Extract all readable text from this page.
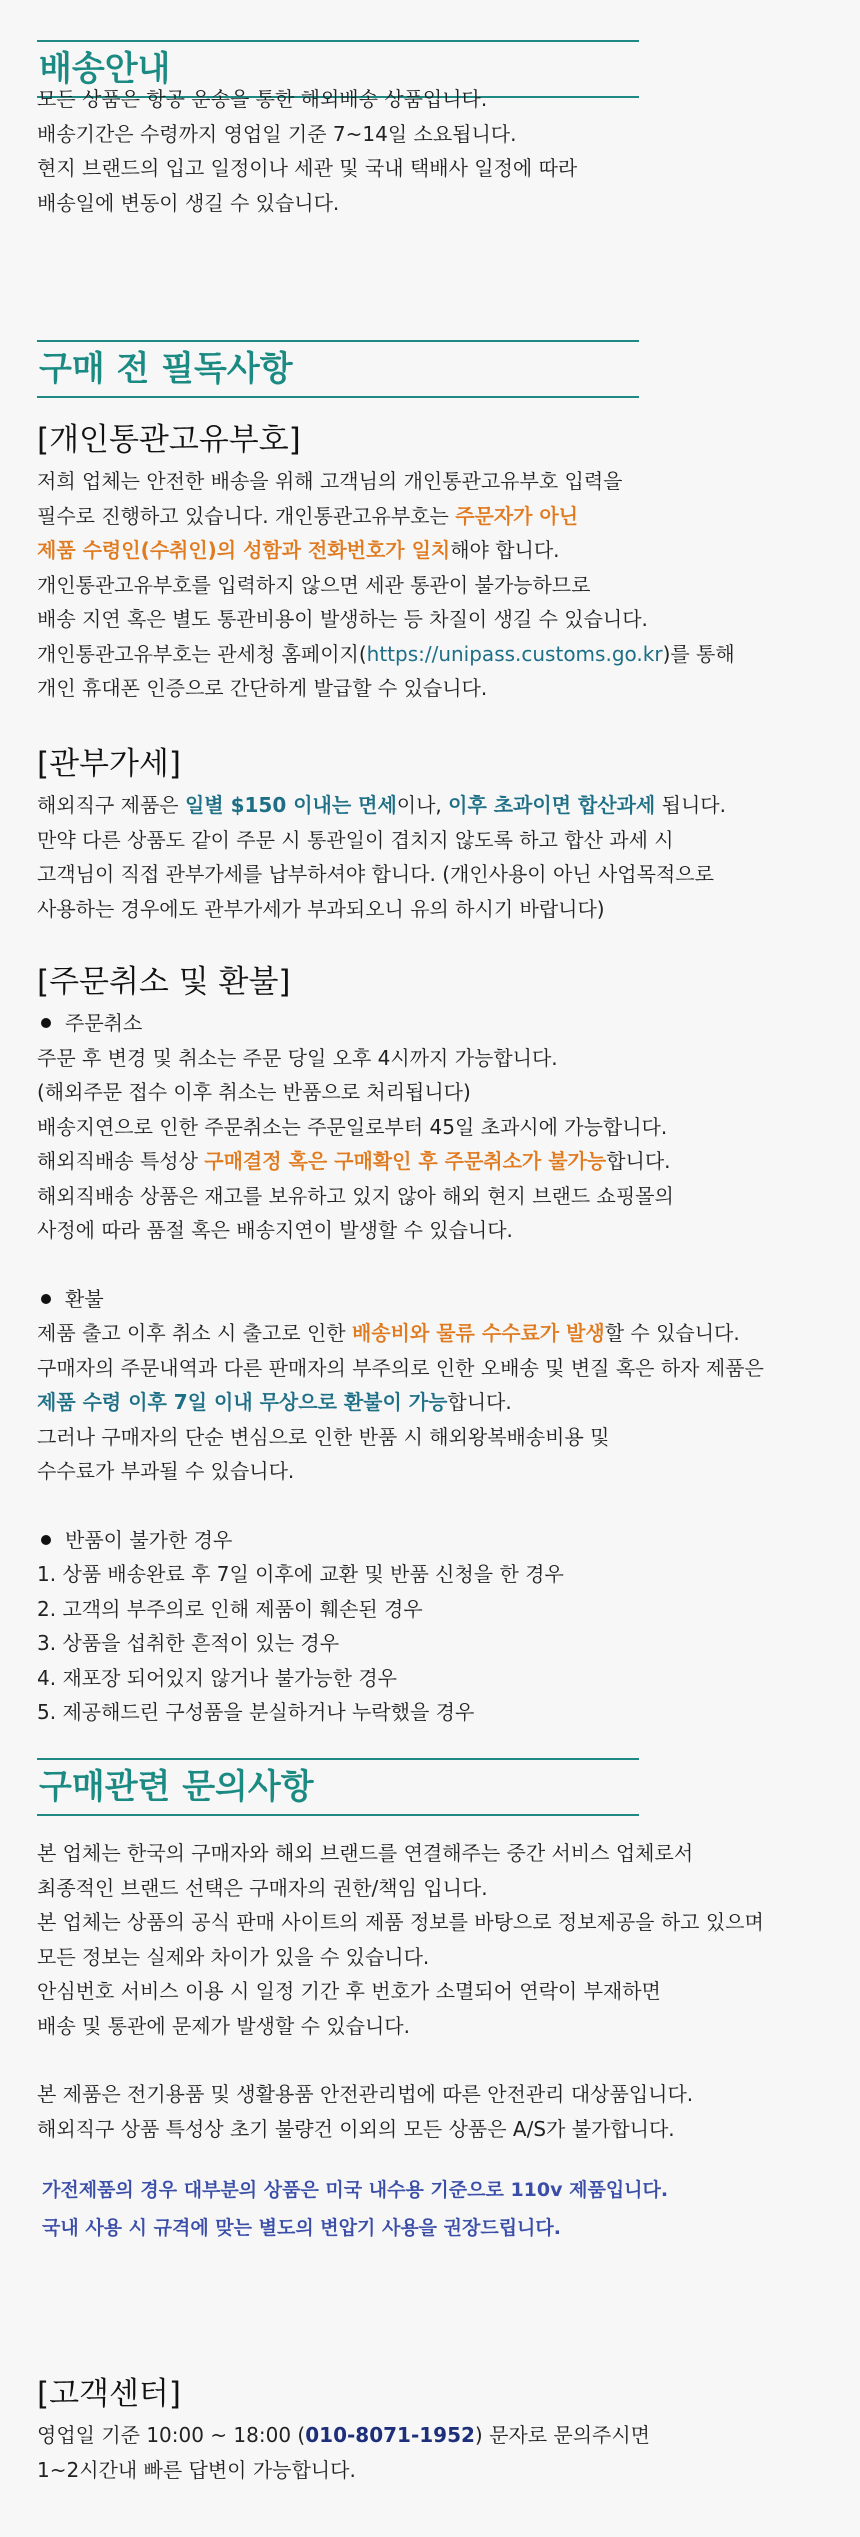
배송안내
모든 상품은 항공 운송을 통한 해외배송 상품입니다.
배송기간은 수령까지 영업일 기준 7~14일 소요됩니다.
현지 브랜드의 입고 일정이나 세관 및 국내 택배사 일정에 따라
배송일에 변동이 생길 수 있습니다.
구매 전 필독사항
[개인통관고유부호]
저희 업체는 안전한 배송을 위해 고객님의 개인통관고유부호 입력을
필수로 진행하고 있습니다. 개인통관고유부호는 주문자가 아닌
제품 수령인(수취인)의 성함과 전화번호가 일치해야 합니다.
개인통관고유부호를 입력하지 않으면 세관 통관이 불가능하므로
배송 지연 혹은 별도 통관비용이 발생하는 등 차질이 생길 수 있습니다.
개인통관고유부호는 관세청 홈페이지(https://unipass.customs.go.kr)를 통해
개인 휴대폰 인증으로 간단하게 발급할 수 있습니다.
[관부가세]
해외직구 제품은 일별 $150 이내는 면세이나, 이후 초과이면 합산과세 됩니다.
만약 다른 상품도 같이 주문 시 통관일이 겹치지 않도록 하고 합산 과세 시
고객님이 직접 관부가세를 납부하셔야 합니다. (개인사용이 아닌 사업목적으로
사용하는 경우에도 관부가세가 부과되오니 유의 하시기 바랍니다)
[주문취소 및 환불]
주문취소
주문 후 변경 및 취소는 주문 당일 오후 4시까지 가능합니다.
(해외주문 접수 이후 취소는 반품으로 처리됩니다)
배송지연으로 인한 주문취소는 주문일로부터 45일 초과시에 가능합니다.
해외직배송 특성상 구매결정 혹은 구매확인 후 주문취소가 불가능합니다.
해외직배송 상품은 재고를 보유하고 있지 않아 해외 현지 브랜드 쇼핑몰의
사정에 따라 품절 혹은 배송지연이 발생할 수 있습니다.
환불
제품 출고 이후 취소 시 출고로 인한 배송비와 물류 수수료가 발생할 수 있습니다.
구매자의 주문내역과 다른 판매자의 부주의로 인한 오배송 및 변질 혹은 하자 제품은
제품 수령 이후 7일 이내 무상으로 환불이 가능합니다.
그러나 구매자의 단순 변심으로 인한 반품 시 해외왕복배송비용 및
수수료가 부과될 수 있습니다.
반품이 불가한 경우
1. 상품 배송완료 후 7일 이후에 교환 및 반품 신청을 한 경우
2. 고객의 부주의로 인해 제품이 훼손된 경우
3. 상품을 섭취한 흔적이 있는 경우
4. 재포장 되어있지 않거나 불가능한 경우
5. 제공해드린 구성품을 분실하거나 누락했을 경우
구매관련 문의사항
본 업체는 한국의 구매자와 해외 브랜드를 연결해주는 중간 서비스 업체로서
최종적인 브랜드 선택은 구매자의 권한/책임 입니다.
본 업체는 상품의 공식 판매 사이트의 제품 정보를 바탕으로 정보제공을 하고 있으며
모든 정보는 실제와 차이가 있을 수 있습니다.
안심번호 서비스 이용 시 일정 기간 후 번호가 소멸되어 연락이 부재하면
배송 및 통관에 문제가 발생할 수 있습니다.
본 제품은 전기용품 및 생활용품 안전관리법에 따른 안전관리 대상품입니다.
해외직구 상품 특성상 초기 불량건 이외의 모든 상품은 A/S가 불가합니다.
가전제품의 경우 대부분의 상품은 미국 내수용 기준으로 110v 제품입니다.
국내 사용 시 규격에 맞는 별도의 변압기 사용을 권장드립니다.
[고객센터]
영업일 기준 10:00 ~ 18:00 (010-8071-1952) 문자로 문의주시면
1~2시간내 빠른 답변이 가능합니다.
